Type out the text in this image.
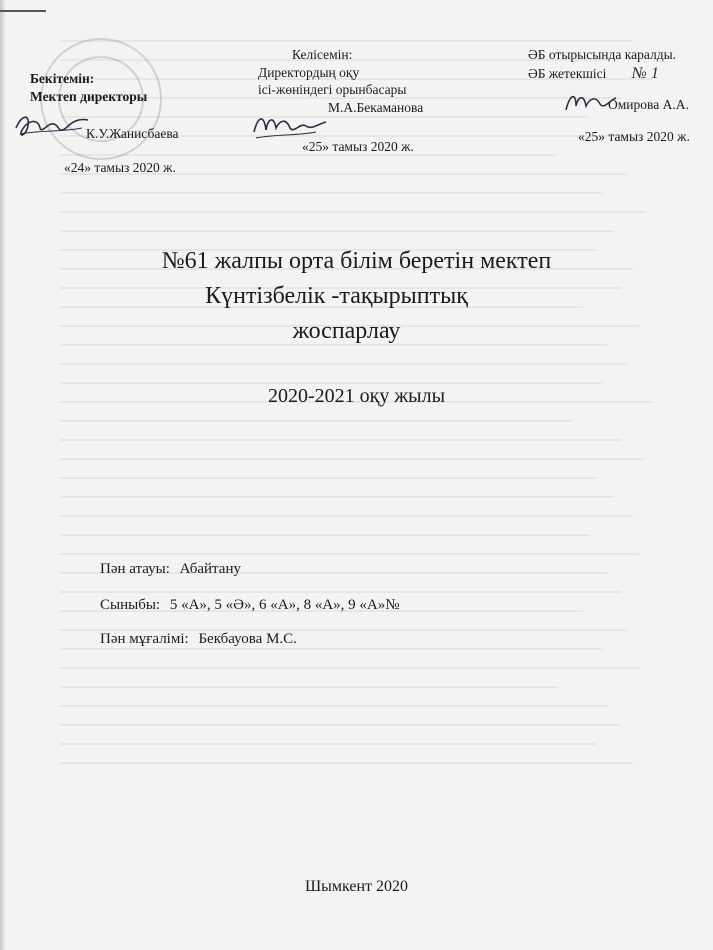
Бекітемін:
Мектеп директоры
К.У.Жанисбаева
«24» тамыз 2020 ж.
Келісемін:
Директордың оқу
ісі-жөніндегі орынбасары
М.А.Бекаманова
«25» тамыз 2020 ж.
ӘБ отырысында каралды.
ӘБ жетекшісі № 1
Омирова А.А.
«25» тамыз 2020 ж.
№61 жалпы орта білім беретін мектеп
Күнтізбелік -тақырыптық
жоспарлау
2020-2021 оқу жылы
Пән атауы: Абайтану
Сыныбы: 5 «А», 5 «Ә», 6 «А», 8 «А», 9 «А»№
Пән мұғалімі: Бекбауова М.С.
Шымкент 2020
